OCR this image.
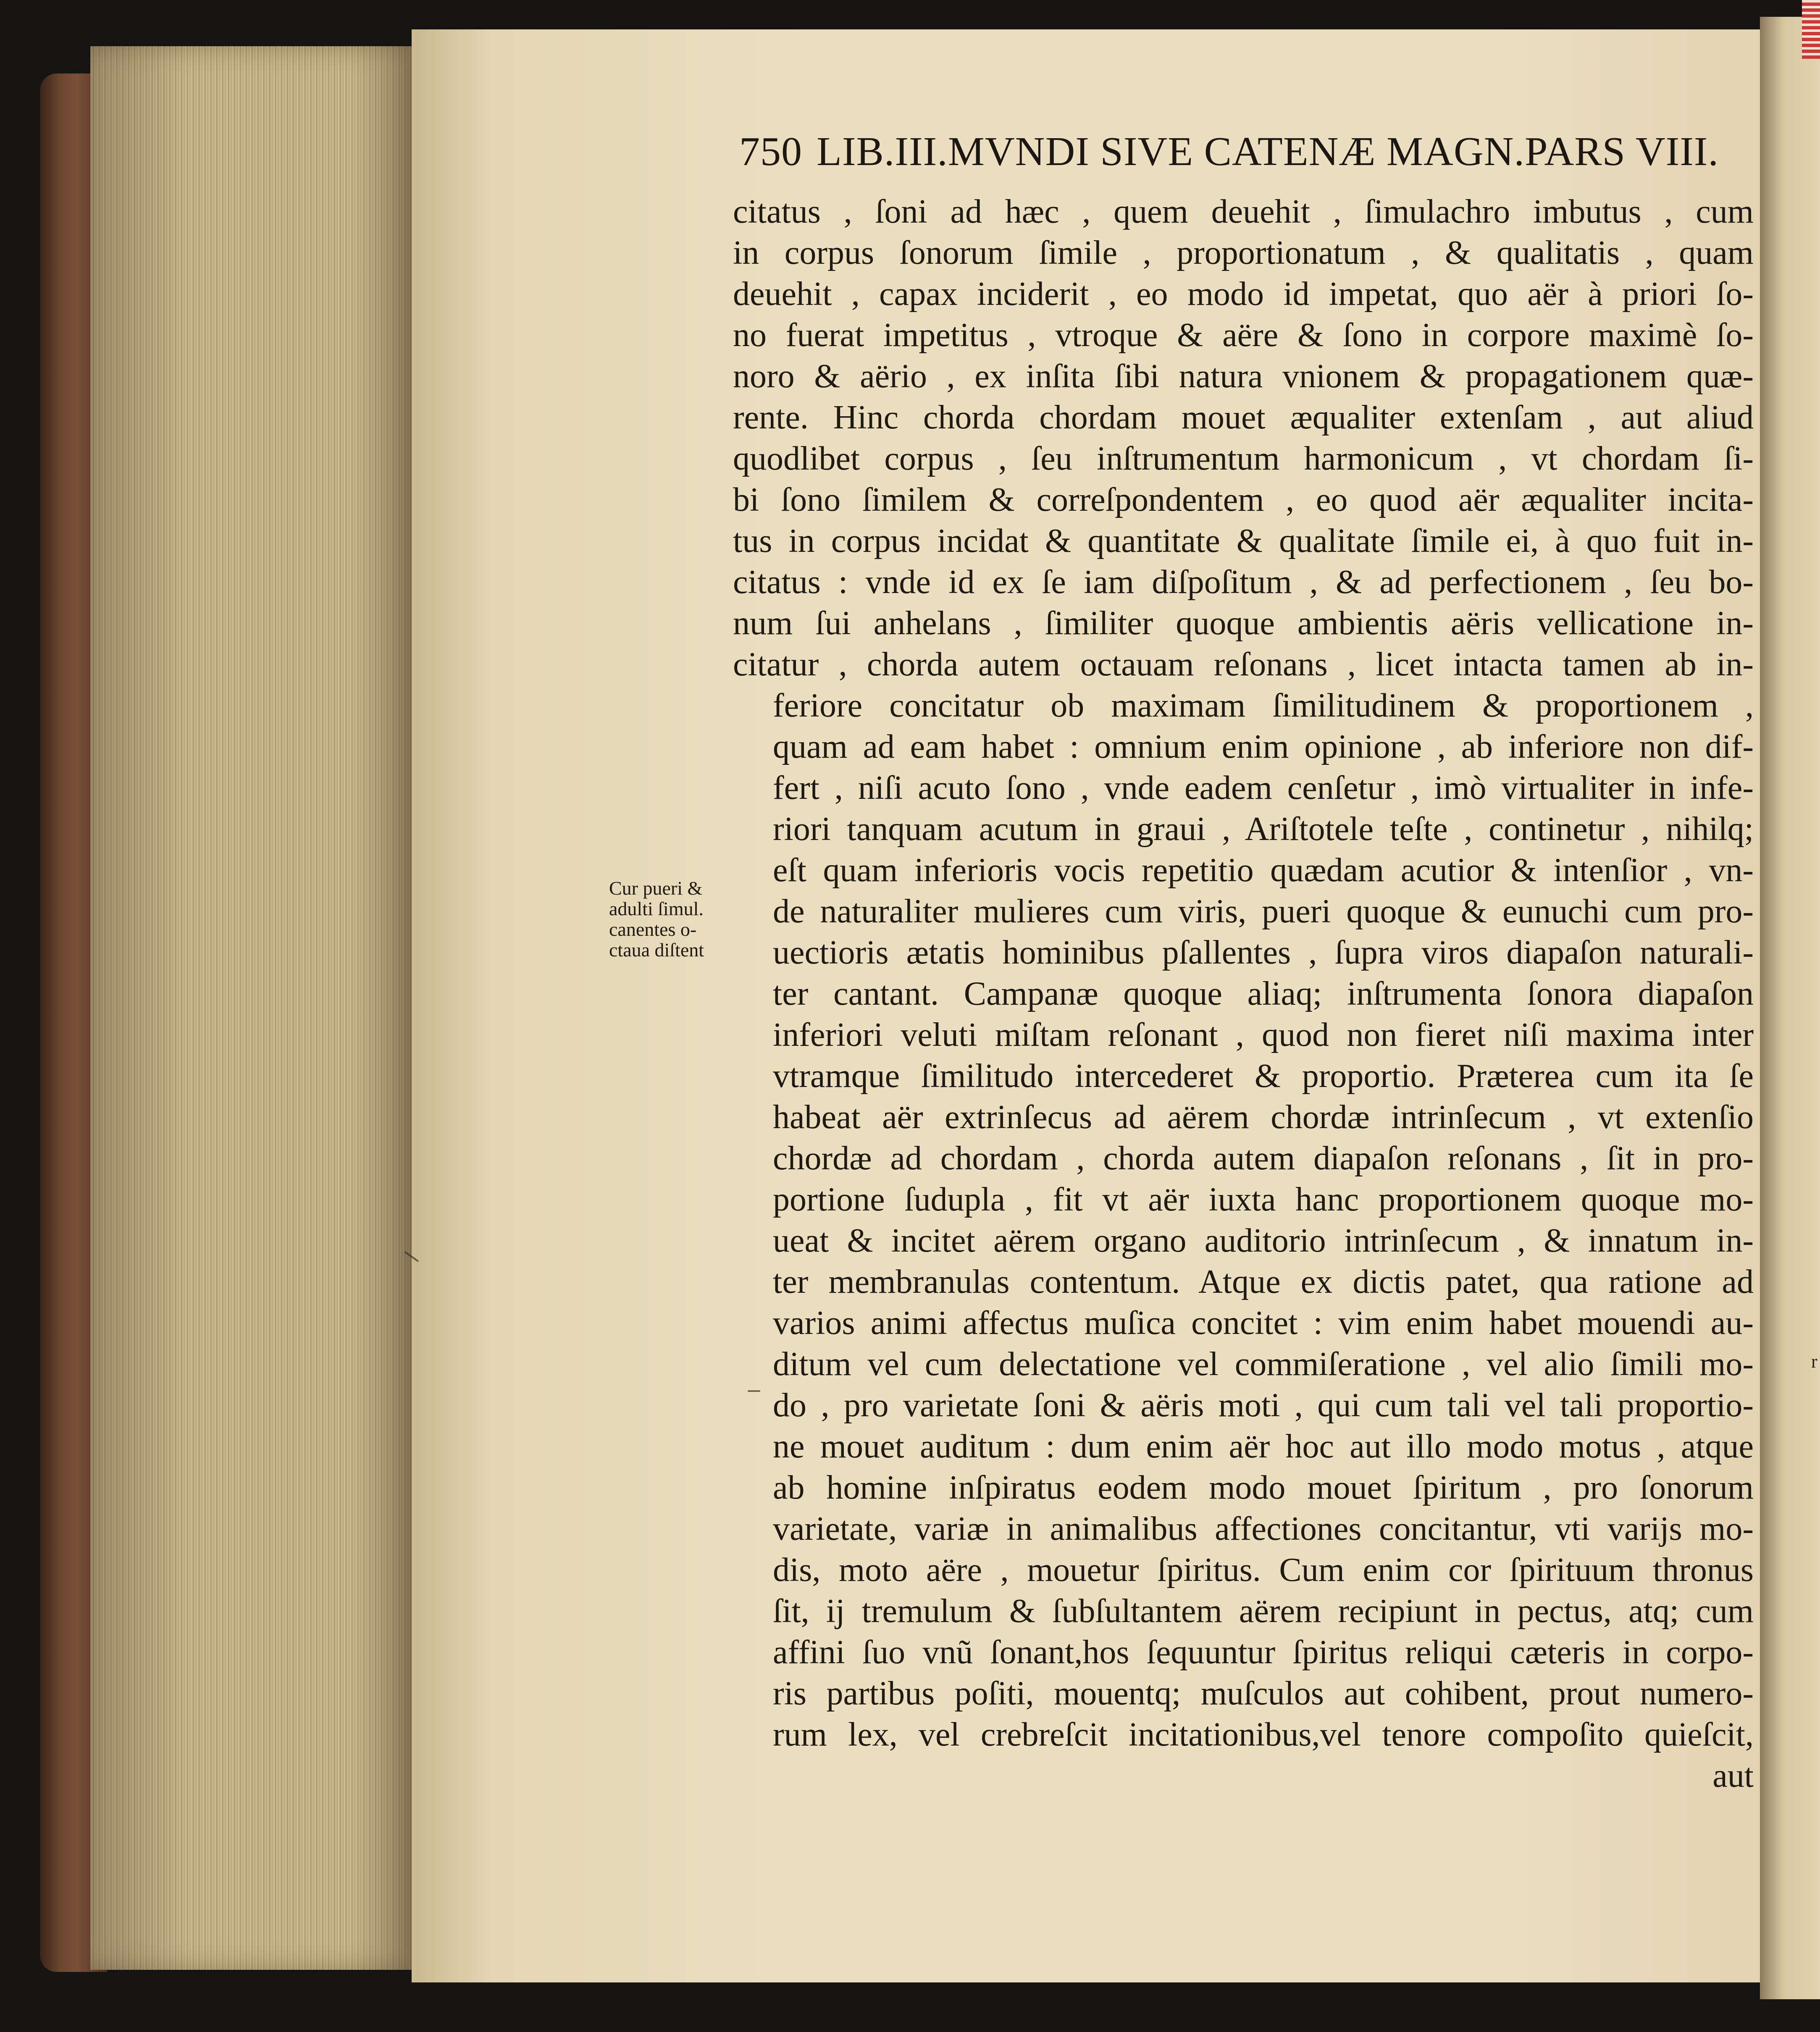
750 LIB.III.MVNDI SIVE CATENÆ MAGN.PARS VIII.
citatus , ſoni ad hæc , quem deuehit , ſimulachro imbutus , cum
in corpus ſonorum ſimile , proportionatum , & qualitatis , quam
deuehit , capax inciderit , eo modo id impetat, quo aër à priori ſo-
no fuerat impetitus , vtroque & aëre & ſono in corpore maximè ſo-
noro & aërio , ex inſita ſibi natura vnionem & propagationem quæ-
rente. Hinc chorda chordam mouet æqualiter extenſam , aut aliud
quodlibet corpus , ſeu inſtrumentum harmonicum , vt chordam ſi-
bi ſono ſimilem & correſpondentem , eo quod aër æqualiter incita-
tus in corpus incidat & quantitate & qualitate ſimile ei, à quo fuit in-
citatus : vnde id ex ſe iam diſpoſitum , & ad perfectionem , ſeu bo-
num ſui anhelans , ſimiliter quoque ambientis aëris vellicatione in-
citatur , chorda autem octauam reſonans , licet intacta tamen ab in-
feriore concitatur ob maximam ſimilitudinem & proportionem ,
quam ad eam habet : omnium enim opinione , ab inferiore non dif-
fert , niſi acuto ſono , vnde eadem cenſetur , imò virtualiter in infe-
riori tanquam acutum in graui , Ariſtotele teſte , continetur , nihilq;
eſt quam inferioris vocis repetitio quædam acutior & intenſior , vn-
de naturaliter mulieres cum viris, pueri quoque & eunuchi cum pro-
uectioris ætatis hominibus pſallentes , ſupra viros diapaſon naturali-
ter cantant. Campanæ quoque aliaq; inſtrumenta ſonora diapaſon
inferiori veluti miſtam reſonant , quod non fieret niſi maxima inter
vtramque ſimilitudo intercederet & proportio. Præterea cum ita ſe
habeat aër extrinſecus ad aërem chordæ intrinſecum , vt extenſio
chordæ ad chordam , chorda autem diapaſon reſonans , ſit in pro-
portione ſudupla , fit vt aër iuxta hanc proportionem quoque mo-
ueat & incitet aërem organo auditorio intrinſecum , & innatum in-
ter membranulas contentum. Atque ex dictis patet, qua ratione ad
varios animi affectus muſica concitet : vim enim habet mouendi au-
ditum vel cum delectatione vel commiſeratione , vel alio ſimili mo-
do , pro varietate ſoni & aëris moti , qui cum tali vel tali proportio-
ne mouet auditum : dum enim aër hoc aut illo modo motus , atque
ab homine inſpiratus eodem modo mouet ſpiritum , pro ſonorum
varietate, variæ in animalibus affectiones concitantur, vti varijs mo-
dis, moto aëre , mouetur ſpiritus. Cum enim cor ſpirituum thronus
ſit, ij tremulum & ſubſultantem aërem recipiunt in pectus, atq; cum
affini ſuo vnũ ſonant,hos ſequuntur ſpiritus reliqui cæteris in corpo-
ris partibus poſiti, mouentq; muſculos aut cohibent, prout numero-
rum lex, vel crebreſcit incitationibus,vel tenore compoſito quieſcit,
aut
Cur pueri &
adulti ſimul.
canentes o-
ctaua diſtent
r
